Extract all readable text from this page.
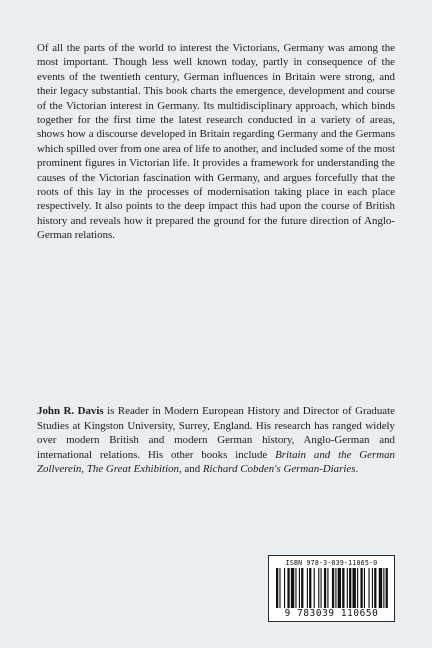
Of all the parts of the world to interest the Victorians, Germany was among the most important. Though less well known today, partly in consequence of the events of the twentieth century, German influences in Britain were strong, and their legacy substantial. This book charts the emergence, development and course of the Victorian interest in Germany. Its multidisciplinary approach, which binds together for the first time the latest research conducted in a variety of areas, shows how a discourse developed in Britain regarding Germany and the Germans which spilled over from one area of life to another, and included some of the most prominent figures in Victorian life. It provides a framework for understanding the causes of the Victorian fascination with Germany, and argues forcefully that the roots of this lay in the processes of modernisation taking place in each place respectively. It also points to the deep impact this had upon the course of British history and reveals how it prepared the ground for the future direction of Anglo-German relations.

John R. Davis is Reader in Modern European History and Director of Graduate Studies at Kingston University, Surrey, England. His research has ranged widely over modern British and modern German history, Anglo-German and international relations. His other books include Britain and the German Zollverein, The Great Exhibition, and Richard Cobden's German-Diaries.

ISBN 978-3-039-11065-0
9 783039 110650
